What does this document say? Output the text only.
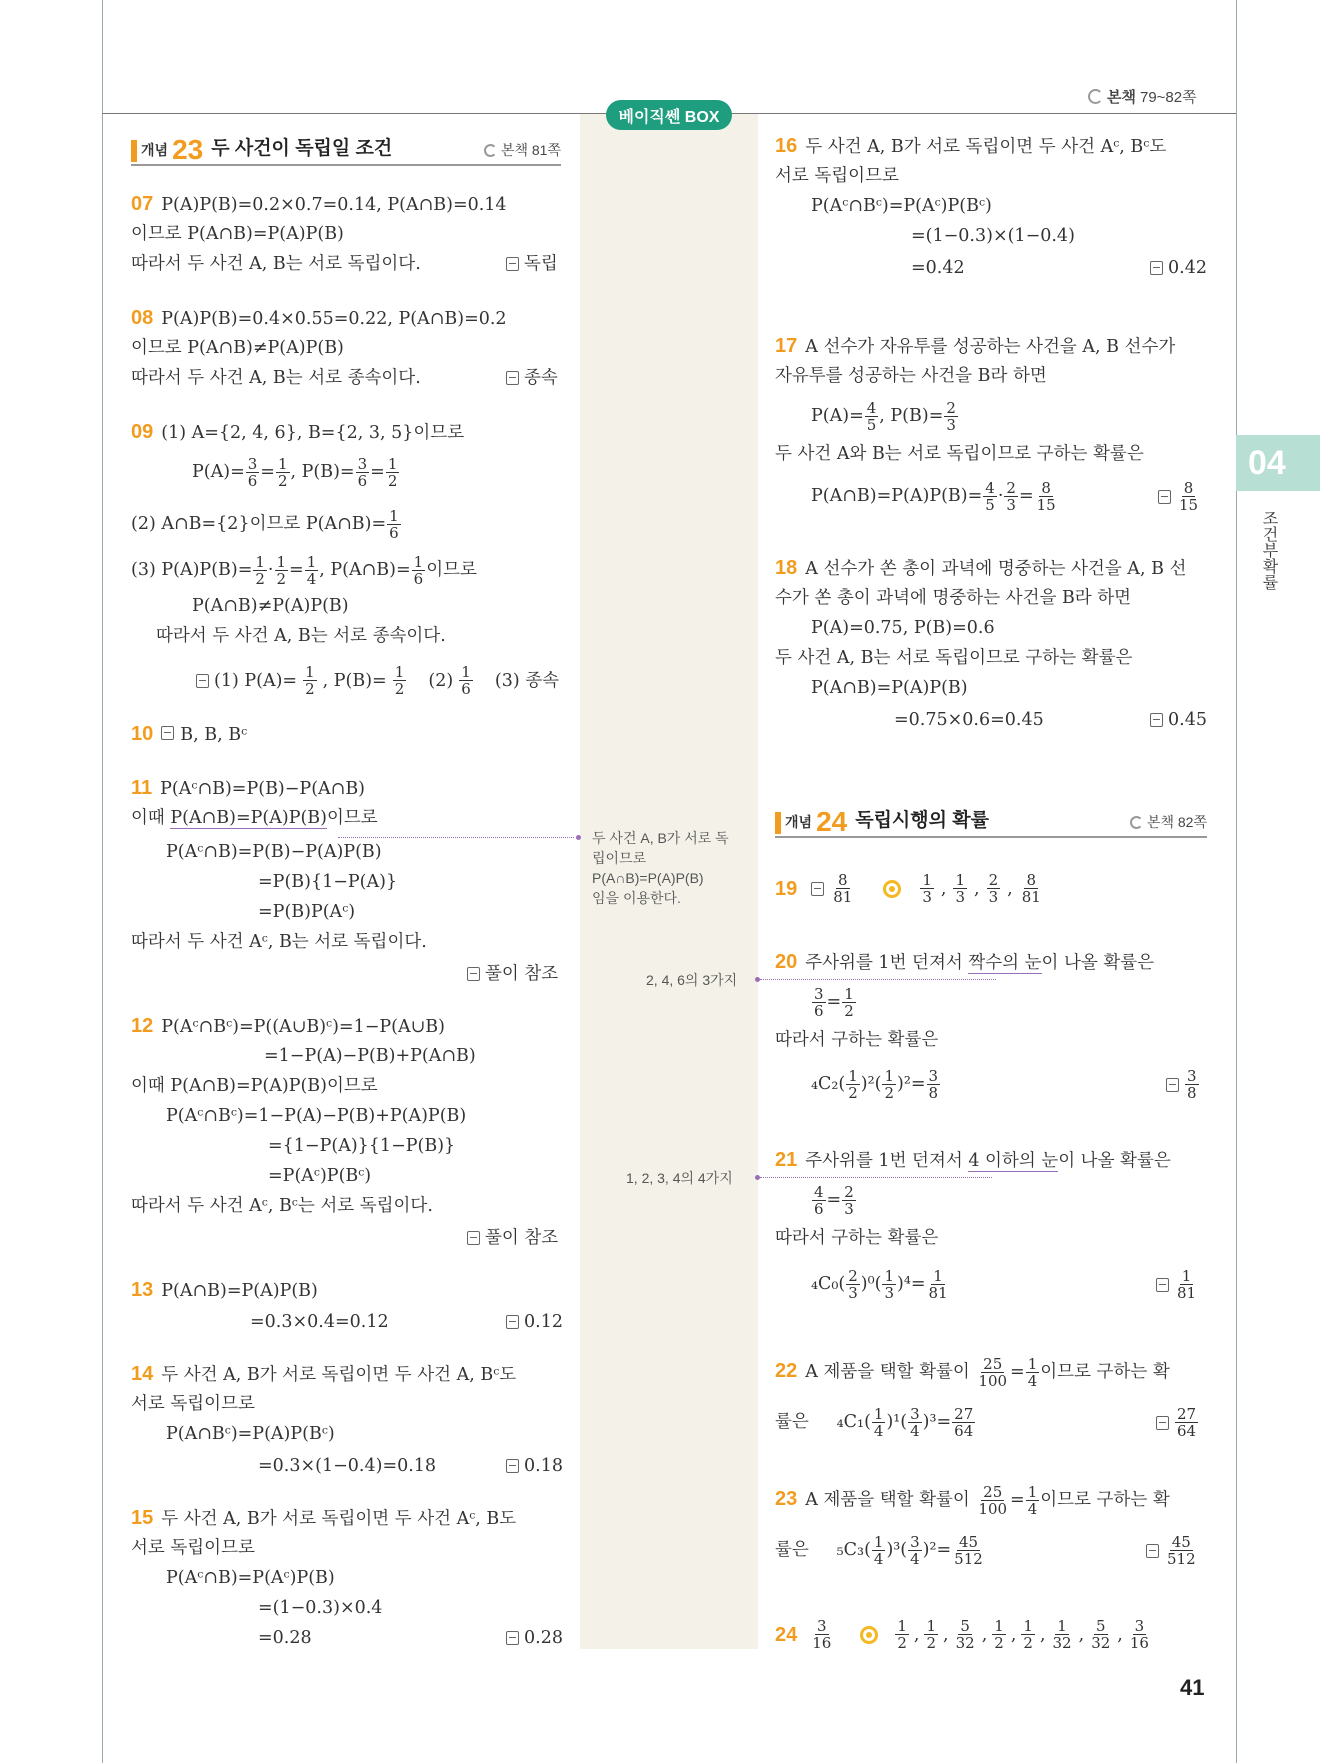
본책 79~82쪽
베이직쎈 BOX
04
조건부확률
개념 23 두 사건이 독립일 조건	본책 81쪽
07 P(A)P(B)=0.2×0.7=0.14, P(A∩B)=0.14
이므로 P(A∩B)=P(A)P(B)
따라서 두 사건 A, B는 서로 독립이다.	독립
08 P(A)P(B)=0.4×0.55=0.22, P(A∩B)=0.2
이므로 P(A∩B)≠P(A)P(B)
따라서 두 사건 A, B는 서로 종속이다.	종속
09 (1) A={2, 4, 6}, B={2, 3, 5}이므로
$P(A)= \frac{3}{6} = \frac{1}{2}$ , $P(B)= \frac{3}{6} = \frac{1}{2}$
(2) A∩B={2}이므로 P(A∩B)= $\frac{1}{6}$
(3) $P(A)P(B)= \frac{1}{2} \cdot \frac{1}{2} = \frac{1}{4}$ , P(A∩B)= $\frac{1}{6}$ 이므로
P(A∩B)≠P(A)P(B)
따라서 두 사건 A, B는 서로 종속이다.
(1) $P(A)= \frac{1}{2}$ , $P(B)= \frac{1}{2}$
$(2) \frac{1}{6}$
(3) 종속
10 B, B, Bᶜ
11 P(Aᶜ∩B)=P(B)−P(A∩B)
이때 P(A∩B)=P(A)P(B)이므로
P(Aᶜ∩B)=P(B)−P(A)P(B)
=P(B){1−P(A)}
=P(B)P(Aᶜ)
따라서 두 사건 Aᶜ, B는 서로 독립이다.
풀이 참조
12 P(Aᶜ∩Bᶜ)=P((A∪B)ᶜ)=1−P(A∪B)
=1−P(A)−P(B)+P(A∩B)
이때 P(A∩B)=P(A)P(B)이므로
P(Aᶜ∩Bᶜ)=1−P(A)−P(B)+P(A)P(B)
={1−P(A)}{1−P(B)}
=P(Aᶜ)P(Bᶜ)
따라서 두 사건 Aᶜ, Bᶜ는 서로 독립이다.
풀이 참조
13 P(A∩B)=P(A)P(B)
=0.3×0.4=0.12	0.12
14 두 사건 A, B가 서로 독립이면 두 사건 A, Bᶜ도
서로 독립이므로
P(A∩Bᶜ)=P(A)P(Bᶜ)
=0.3×(1−0.4)=0.18	0.18
15 두 사건 A, B가 서로 독립이면 두 사건 Aᶜ, B도
서로 독립이므로
P(Aᶜ∩B)=P(Aᶜ)P(B)
=(1−0.3)×0.4
=0.28	0.28
두 사건 A, B가 서로 독
립이므로
P(A∩B)=P(A)P(B)
임을 이용한다.
2, 4, 6의 3가지
1, 2, 3, 4의 4가지
16 두 사건 A, B가 서로 독립이면 두 사건 Aᶜ, Bᶜ도
서로 독립이므로
P(Aᶜ∩Bᶜ)=P(Aᶜ)P(Bᶜ)
=(1−0.3)×(1−0.4)
=0.42	0.42
17 A 선수가 자유투를 성공하는 사건을 A, B 선수가
자유투를 성공하는 사건을 B라 하면
$P(A)= \frac{4}{5}$ , $P(B)= \frac{2}{3}$
두 사건 A와 B는 서로 독립이므로 구하는 확률은
P(A∩B)=P(A)P(B)= $\frac{4}{5} \cdot \frac{2}{3} = \frac{8}{15}$	$\frac{8}{15}$
18 A 선수가 쏜 총이 과녁에 명중하는 사건을 A, B 선
수가 쏜 총이 과녁에 명중하는 사건을 B라 하면
P(A)=0.75, P(B)=0.6
두 사건 A, B는 서로 독립이므로 구하는 확률은
P(A∩B)=P(A)P(B)
=0.75×0.6=0.45	0.45
개념 24 독립시행의 확률	본책 82쪽
$19 \frac{8}{81}$	$\frac{1}{3}$ , $\frac{1}{3}$ , $\frac{2}{3}$ , $\frac{8}{81}$
20 주사위를 1번 던져서 짝수의 눈이 나올 확률은
$\frac{3}{6} = \frac{1}{2}$
따라서 구하는 확률은
$_4C_2( \frac{1}{2} )^2( \frac{1}{2} )^2= \frac{3}{8}$	$\frac{3}{8}$
21 주사위를 1번 던져서 4 이하의 눈이 나올 확률은
$\frac{4}{6} = \frac{2}{3}$
따라서 구하는 확률은
$_4C_0( \frac{2}{3} )^0( \frac{1}{3} )^4= \frac{1}{81}$	$\frac{1}{81}$
22 A 제품을 택할 확률이 $\frac{25}{100} = \frac{1}{4}$ 이므로 구하는 확
률은 $_4C_1( \frac{1}{4} )^1( \frac{3}{4} )^3= \frac{27}{64}$	$\frac{27}{64}$
23 A 제품을 택할 확률이 $\frac{25}{100} = \frac{1}{4}$ 이므로 구하는 확
률은 $_5C_3( \frac{1}{4} )^3( \frac{3}{4} )^2= \frac{45}{512}$	$\frac{45}{512}$
$24 \frac{3}{16}$	$\frac{1}{2}$ , $\frac{1}{2}$ , $\frac{5}{32}$ , $\frac{1}{2}$ , $\frac{1}{2}$ , $\frac{1}{32}$ , $\frac{5}{32}$ , $\frac{3}{16}$
41
